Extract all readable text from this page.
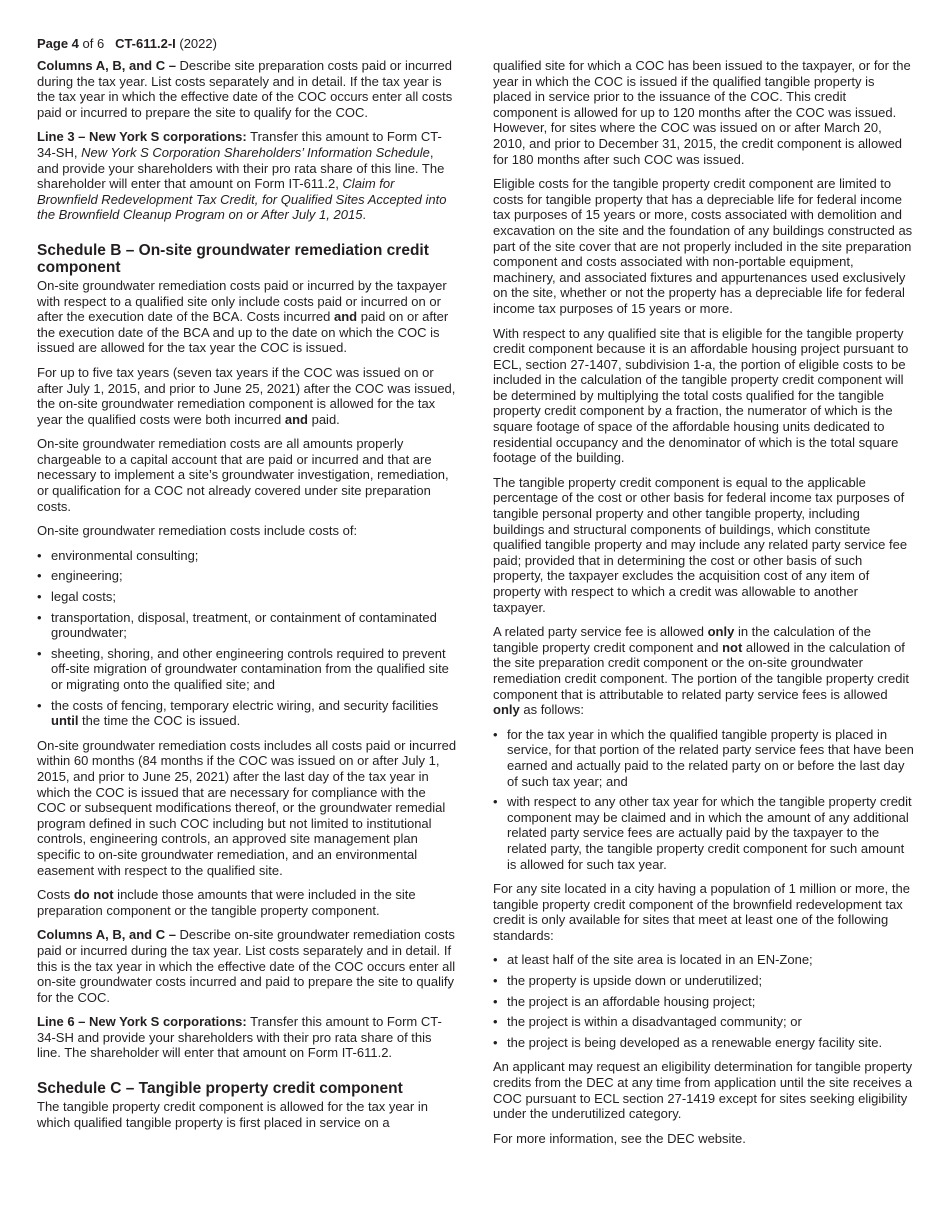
Page 4 of 6 CT-611.2-I (2022)

Columns A, B, and C – Describe site preparation costs paid or incurred during the tax year. List costs separately and in detail. If the tax year is the tax year in which the effective date of the COC occurs enter all costs paid or incurred to prepare the site to qualify for the COC.

Line 3 – New York S corporations: Transfer this amount to Form CT-34-SH, New York S Corporation Shareholders’ Information Schedule, and provide your shareholders with their pro rata share of this line. The shareholder will enter that amount on Form IT-611.2, Claim for Brownfield Redevelopment Tax Credit, for Qualified Sites Accepted into the Brownfield Cleanup Program on or After July 1, 2015.

Schedule B – On-site groundwater remediation credit component

On-site groundwater remediation costs paid or incurred by the taxpayer with respect to a qualified site only include costs paid or incurred on or after the execution date of the BCA. Costs incurred and paid on or after the execution date of the BCA and up to the date on which the COC is issued are allowed for the tax year the COC is issued.

For up to five tax years (seven tax years if the COC was issued on or after July 1, 2015, and prior to June 25, 2021) after the COC was issued, the on-site groundwater remediation component is allowed for the tax year the qualified costs were both incurred and paid.

On-site groundwater remediation costs are all amounts properly chargeable to a capital account that are paid or incurred and that are necessary to implement a site’s groundwater investigation, remediation, or qualification for a COC not already covered under site preparation costs.

On-site groundwater remediation costs include costs of:

• environmental consulting;
• engineering;
• legal costs;
• transportation, disposal, treatment, or containment of contaminated groundwater;
• sheeting, shoring, and other engineering controls required to prevent off-site migration of groundwater contamination from the qualified site or migrating onto the qualified site; and
• the costs of fencing, temporary electric wiring, and security facilities until the time the COC is issued.

On-site groundwater remediation costs includes all costs paid or incurred within 60 months (84 months if the COC was issued on or after July 1, 2015, and prior to June 25, 2021) after the last day of the tax year in which the COC is issued that are necessary for compliance with the COC or subsequent modifications thereof, or the groundwater remedial program defined in such COC including but not limited to institutional controls, engineering controls, an approved site management plan specific to on-site groundwater remediation, and an environmental easement with respect to the qualified site.

Costs do not include those amounts that were included in the site preparation component or the tangible property component.

Columns A, B, and C – Describe on-site groundwater remediation costs paid or incurred during the tax year. List costs separately and in detail. If this is the tax year in which the effective date of the COC occurs enter all on-site groundwater costs incurred and paid to prepare the site to qualify for the COC.

Line 6 – New York S corporations: Transfer this amount to Form CT-34-SH and provide your shareholders with their pro rata share of this line. The shareholder will enter that amount on Form IT-611.2.

Schedule C – Tangible property credit component

The tangible property credit component is allowed for the tax year in which qualified tangible property is first placed in service on a

qualified site for which a COC has been issued to the taxpayer, or for the year in which the COC is issued if the qualified tangible property is placed in service prior to the issuance of the COC. This credit component is allowed for up to 120 months after the COC was issued. However, for sites where the COC was issued on or after March 20, 2010, and prior to December 31, 2015, the credit component is allowed for 180 months after such COC was issued.

Eligible costs for the tangible property credit component are limited to costs for tangible property that has a depreciable life for federal income tax purposes of 15 years or more, costs associated with demolition and excavation on the site and the foundation of any buildings constructed as part of the site cover that are not properly included in the site preparation component and costs associated with non-portable equipment, machinery, and associated fixtures and appurtenances used exclusively on the site, whether or not the property has a depreciable life for federal income tax purposes of 15 years or more.

With respect to any qualified site that is eligible for the tangible property credit component because it is an affordable housing project pursuant to ECL, section 27-1407, subdivision 1-a, the portion of eligible costs to be included in the calculation of the tangible property credit component will be determined by multiplying the total costs qualified for the tangible property credit component by a fraction, the numerator of which is the square footage of space of the affordable housing units dedicated to residential occupancy and the denominator of which is the total square footage of the building.

The tangible property credit component is equal to the applicable percentage of the cost or other basis for federal income tax purposes of tangible personal property and other tangible property, including buildings and structural components of buildings, which constitute qualified tangible property and may include any related party service fee paid; provided that in determining the cost or other basis of such property, the taxpayer excludes the acquisition cost of any item of property with respect to which a credit was allowable to another taxpayer.

A related party service fee is allowed only in the calculation of the tangible property credit component and not allowed in the calculation of the site preparation credit component or the on-site groundwater remediation credit component. The portion of the tangible property credit component that is attributable to related party service fees is allowed only as follows:

• for the tax year in which the qualified tangible property is placed in service, for that portion of the related party service fees that have been earned and actually paid to the related party on or before the last day of such tax year; and
• with respect to any other tax year for which the tangible property credit component may be claimed and in which the amount of any additional related party service fees are actually paid by the taxpayer to the related party, the tangible property credit component for such amount is allowed for such tax year.

For any site located in a city having a population of 1 million or more, the tangible property credit component of the brownfield redevelopment tax credit is only available for sites that meet at least one of the following standards:

• at least half of the site area is located in an EN-Zone;
• the property is upside down or underutilized;
• the project is an affordable housing project;
• the project is within a disadvantaged community; or
• the project is being developed as a renewable energy facility site.

An applicant may request an eligibility determination for tangible property credits from the DEC at any time from application until the site receives a COC pursuant to ECL section 27-1419 except for sites seeking eligibility under the underutilized category.

For more information, see the DEC website.
